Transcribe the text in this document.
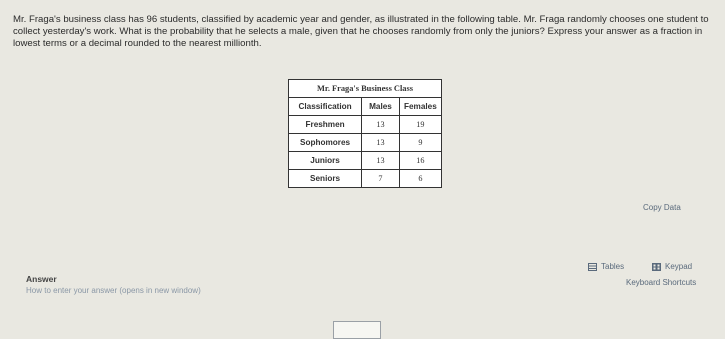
Mr. Fraga's business class has 96 students, classified by academic year and gender, as illustrated in the following table. Mr. Fraga randomly chooses one student to collect yesterday's work. What is the probability that he selects a male, given that he chooses randomly from only the juniors? Express your answer as a fraction in lowest terms or a decimal rounded to the nearest millionth.
Mr. Fraga's Business Class
Classification	Males	Females
Freshmen	13	19
Sophomores	13	9
Juniors	13	16
Seniors	7	6
Copy Data
Tables	Keypad
Keyboard Shortcuts
Answer
How to enter your answer (opens in new window)
